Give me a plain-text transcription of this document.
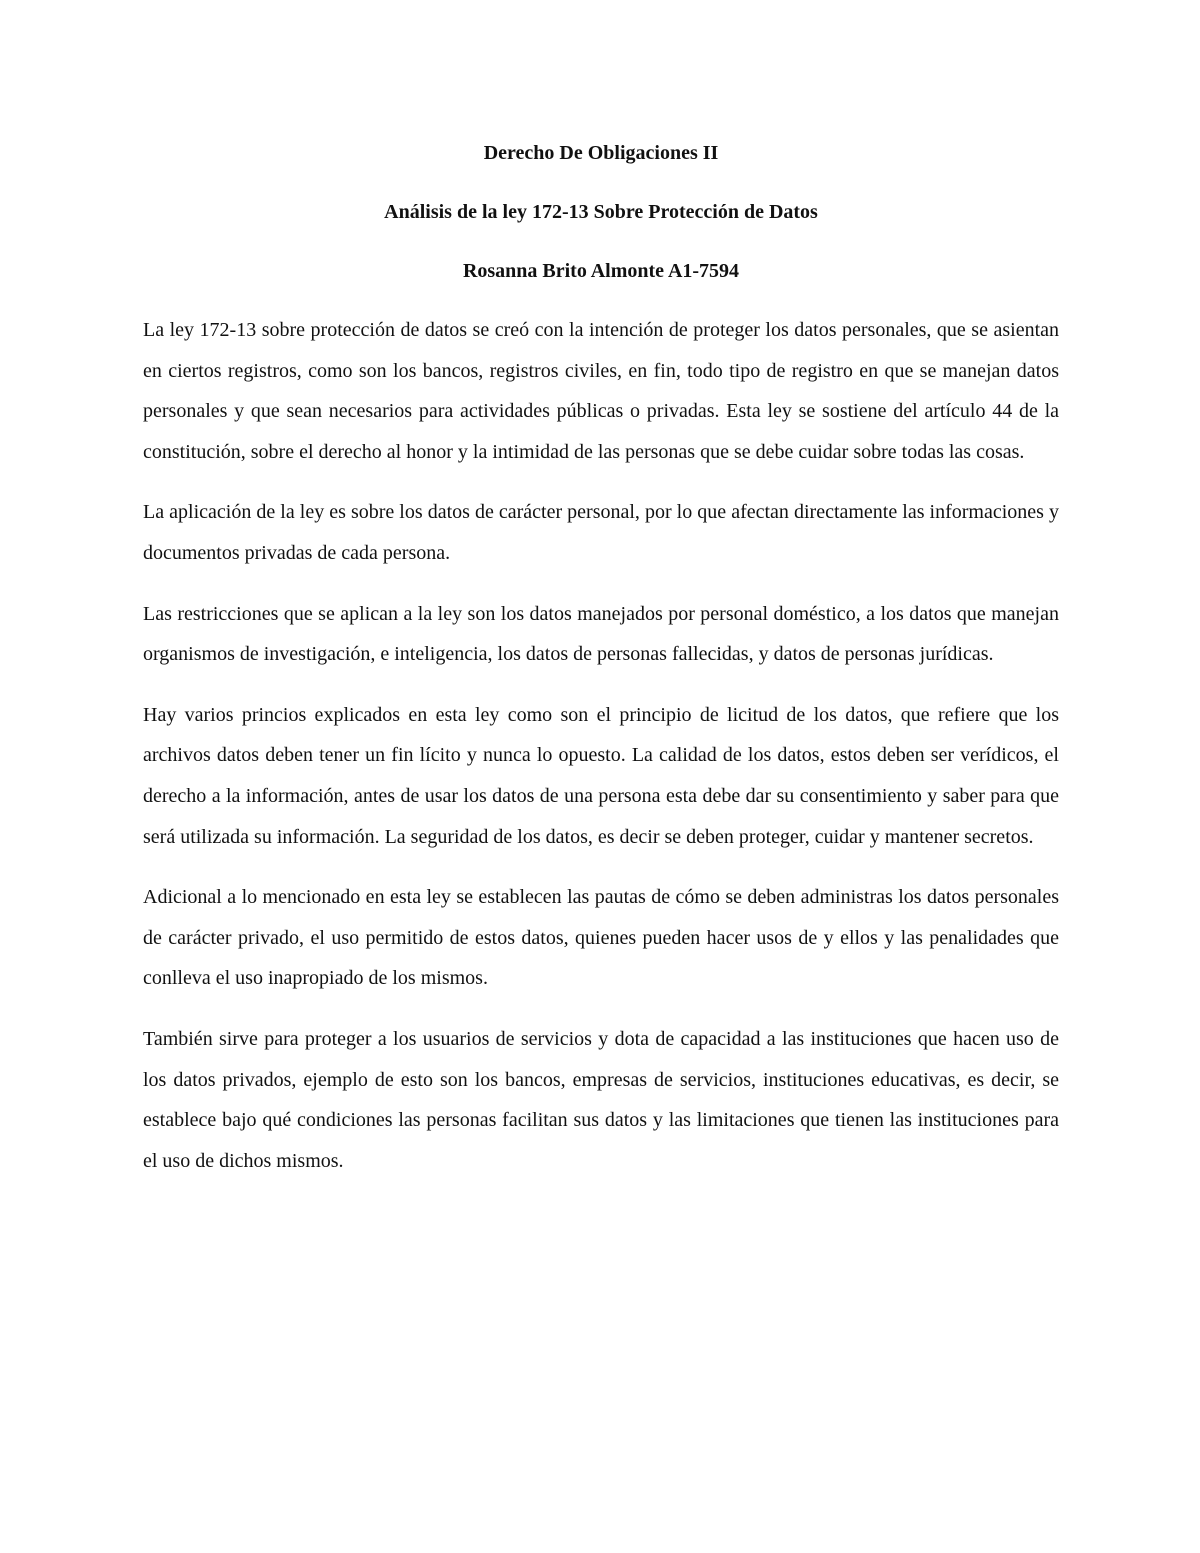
Derecho De Obligaciones II

Análisis de la ley 172-13 Sobre Protección de Datos

Rosanna Brito Almonte A1-7594

La ley 172-13 sobre protección de datos se creó con la intención de proteger los datos personales, que se asientan en ciertos registros, como son los bancos, registros civiles, en fin, todo tipo de registro en que se manejan datos personales y que sean necesarios para actividades públicas o privadas. Esta ley se sostiene del artículo 44 de la constitución, sobre el derecho al honor y la intimidad de las personas que se debe cuidar sobre todas las cosas.

La aplicación de la ley es sobre los datos de carácter personal, por lo que afectan directamente las informaciones y documentos privadas de cada persona.

Las restricciones que se aplican a la ley son los datos manejados por personal doméstico, a los datos que manejan organismos de investigación, e inteligencia, los datos de personas fallecidas, y datos de personas jurídicas.

Hay varios princios explicados en esta ley como son el principio de licitud de los datos, que refiere que los archivos datos deben tener un fin lícito y nunca lo opuesto. La calidad de los datos, estos deben ser verídicos, el derecho a la información, antes de usar los datos de una persona esta debe dar su consentimiento y saber para que será utilizada su información. La seguridad de los datos, es decir se deben proteger, cuidar y mantener secretos.

Adicional a lo mencionado en esta ley se establecen las pautas de cómo se deben administras los datos personales de carácter privado, el uso permitido de estos datos, quienes pueden hacer usos de y ellos y las penalidades que conlleva el uso inapropiado de los mismos.

También sirve para proteger a los usuarios de servicios y dota de capacidad a las instituciones que hacen uso de los datos privados, ejemplo de esto son los bancos, empresas de servicios, instituciones educativas, es decir, se establece bajo qué condiciones las personas facilitan sus datos y las limitaciones que tienen las instituciones para el uso de dichos mismos.
